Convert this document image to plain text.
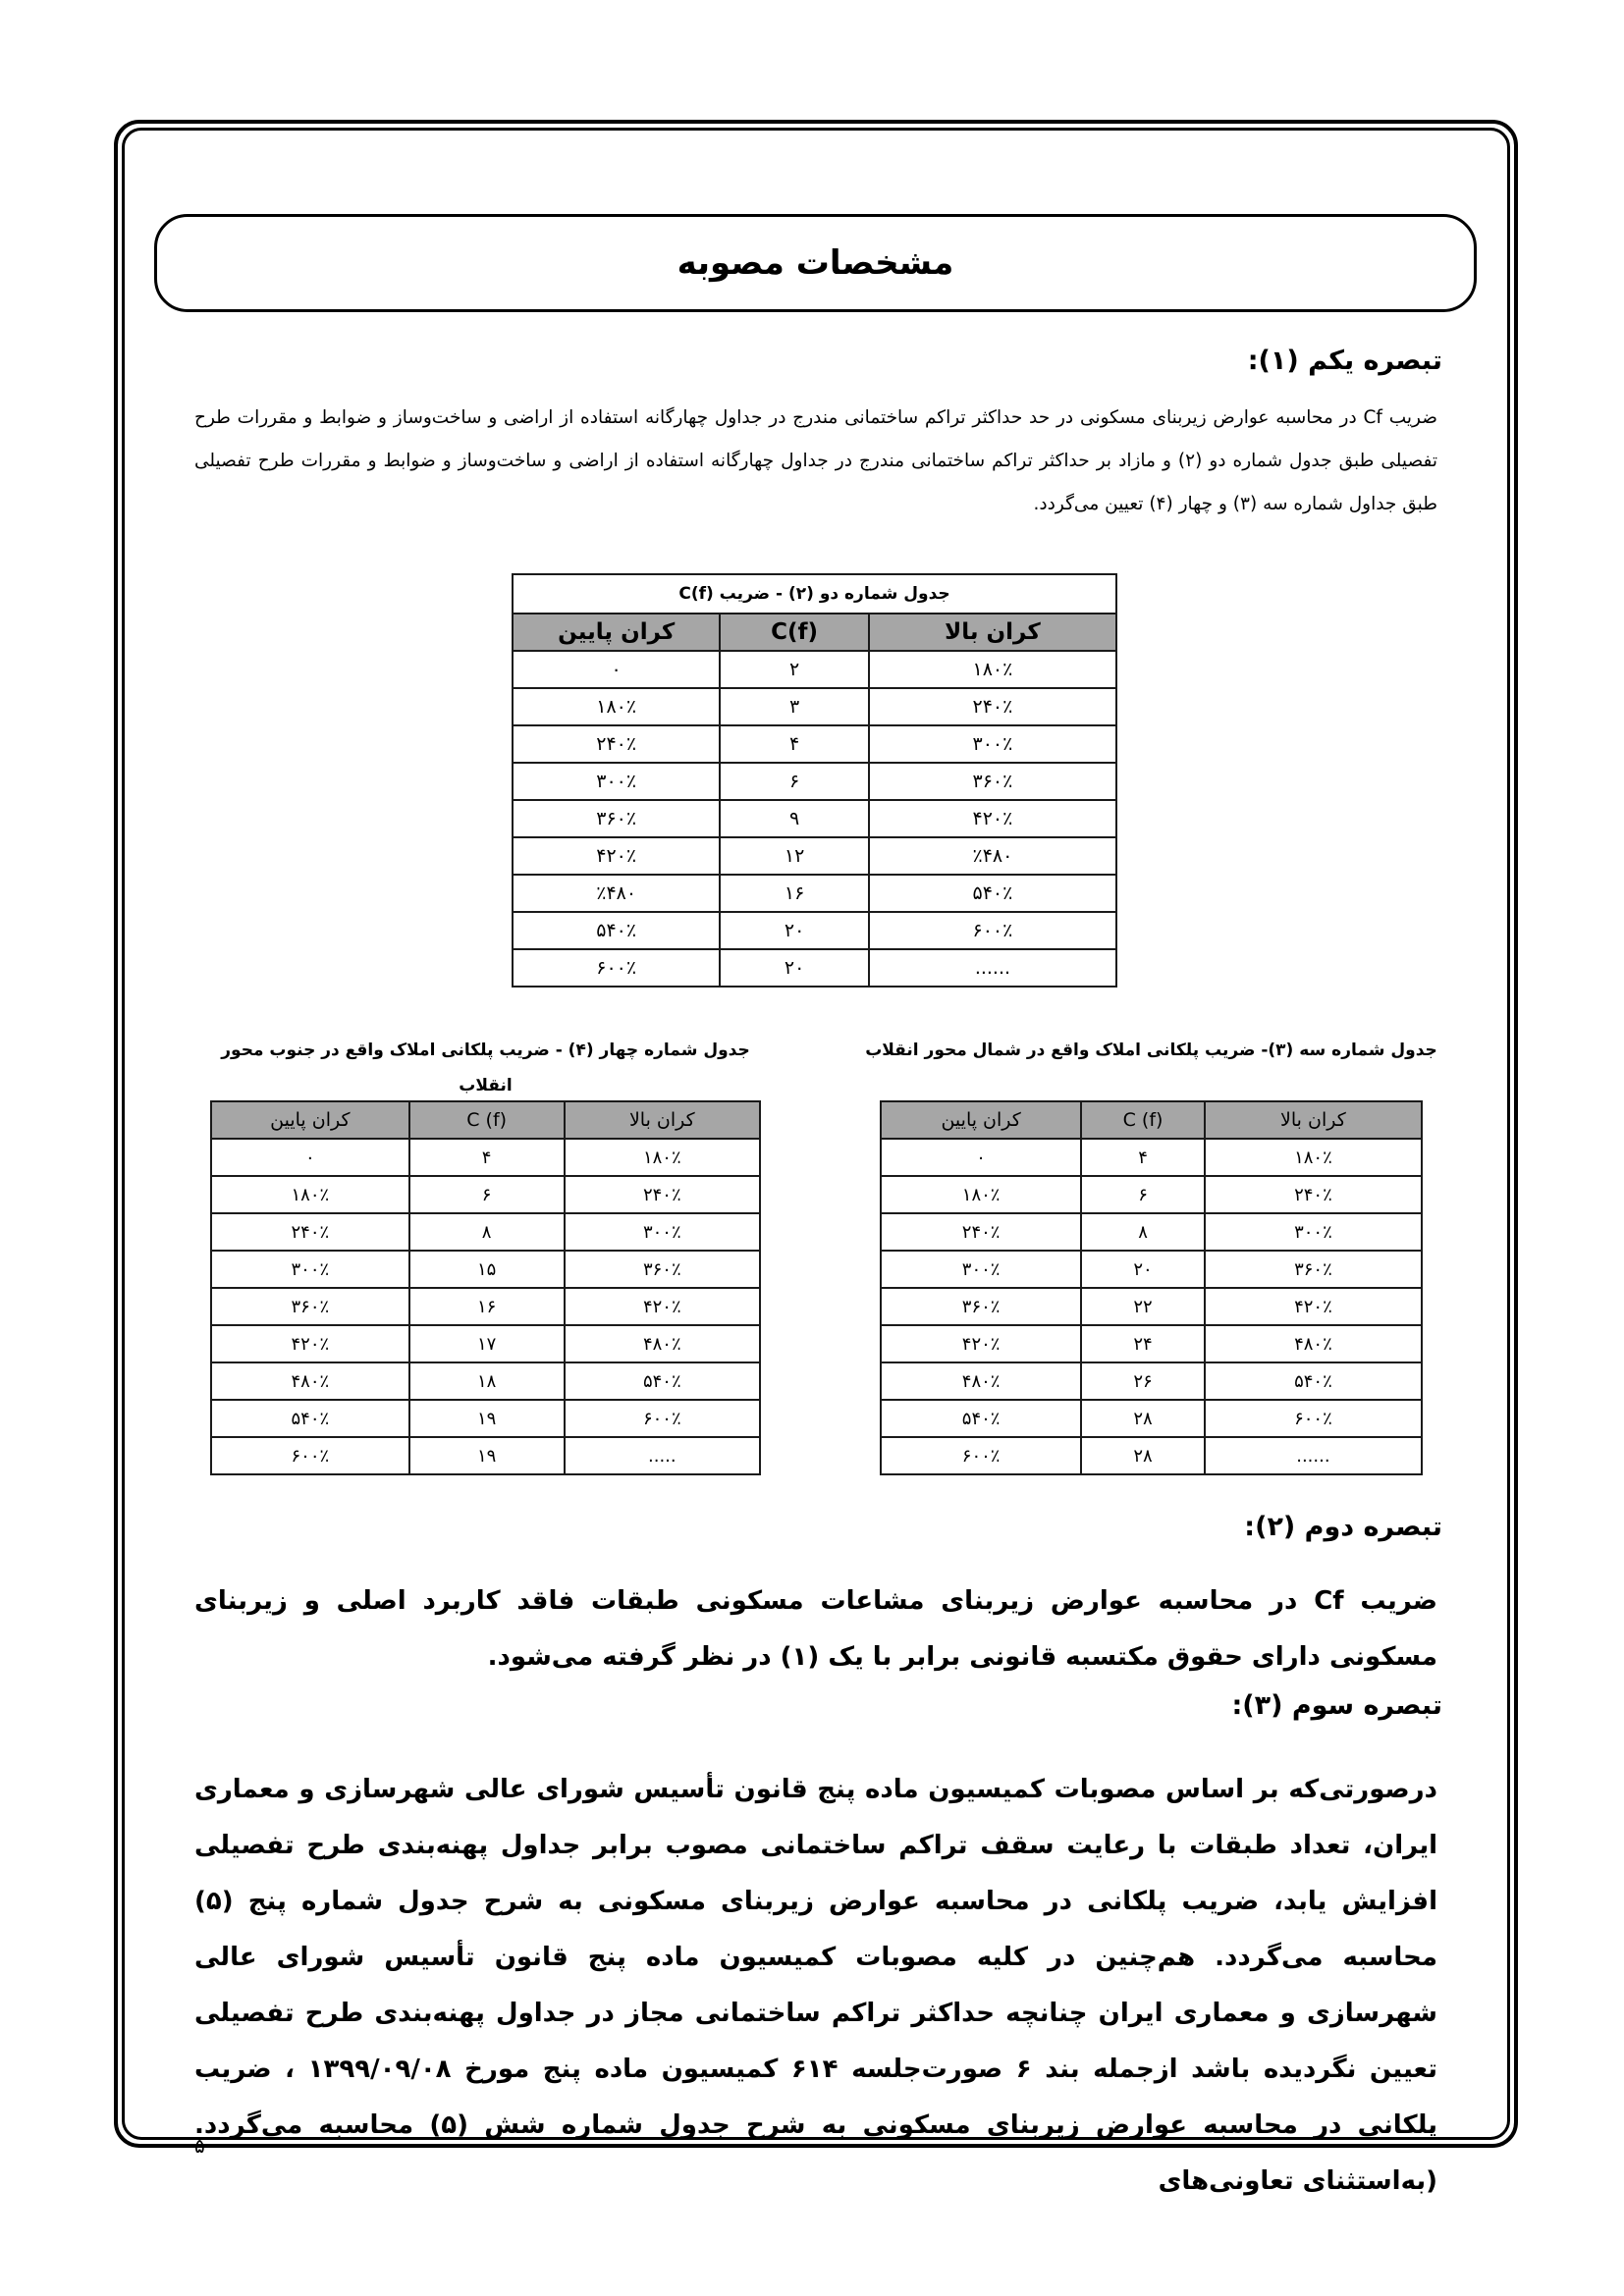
مشخصات مصوبه
تبصره یکم (۱):
ضریب Cf در محاسبه عوارض زیربنای مسکونی در حد حداکثر تراکم ساختمانی مندرج در جداول چهارگانه استفاده از اراضی و ساخت‌وساز و ضوابط و مقررات طرح تفصیلی طبق جدول شماره دو (۲) و مازاد بر حداکثر تراکم ساختمانی مندرج در جداول چهارگانه استفاده از اراضی و ساخت‌وساز و ضوابط و مقررات طرح تفصیلی طبق جداول شماره سه (۳) و چهار (۴) تعیین می‌گردد.
جدول شماره دو (۲) - ضریب C(f)		
کران بالا	C(f)	کران پایین
۱۸۰٪	۲	۰
۲۴۰٪	۳	۱۸۰٪
۳۰۰٪	۴	۲۴۰٪
۳۶۰٪	۶	۳۰۰٪
۴۲۰٪	۹	۳۶۰٪
٪۴۸۰	۱۲	۴۲۰٪
۵۴۰٪	۱۶	٪۴۸۰
۶۰۰٪	۲۰	۵۴۰٪
......	۲۰	۶۰۰٪
جدول شماره سه (۳)- ضریب پلکانی املاک واقع در شمال محور انقلاب
کران بالا	C (f)	کران پایین
۱۸۰٪	۴	۰
۲۴۰٪	۶	۱۸۰٪
۳۰۰٪	۸	۲۴۰٪
۳۶۰٪	۲۰	۳۰۰٪
۴۲۰٪	۲۲	۳۶۰٪
۴۸۰٪	۲۴	۴۲۰٪
۵۴۰٪	۲۶	۴۸۰٪
۶۰۰٪	۲۸	۵۴۰٪
......	۲۸	۶۰۰٪
جدول شماره چهار (۴) - ضریب پلکانی املاک واقع در جنوب محور انقلاب
کران بالا	C (f)	کران پایین
۱۸۰٪	۴	۰
۲۴۰٪	۶	۱۸۰٪
۳۰۰٪	۸	۲۴۰٪
۳۶۰٪	۱۵	۳۰۰٪
۴۲۰٪	۱۶	۳۶۰٪
۴۸۰٪	۱۷	۴۲۰٪
۵۴۰٪	۱۸	۴۸۰٪
۶۰۰٪	۱۹	۵۴۰٪
.....	۱۹	۶۰۰٪
تبصره دوم (۲):
ضریب Cf در محاسبه عوارض زیربنای مشاعات مسکونی طبقات فاقد کاربرد اصلی و زیربنای مسکونی دارای حقوق مکتسبه قانونی برابر با یک (۱) در نظر گرفته می‌شود.
تبصره سوم (۳):
درصورتی‌که بر اساس مصوبات کمیسیون ماده پنج قانون تأسیس شورای عالی شهرسازی و معماری ایران، تعداد طبقات با رعایت سقف تراکم ساختمانی مصوب برابر جداول پهنه‌بندی طرح تفصیلی افزایش یابد، ضریب پلکانی در محاسبه عوارض زیربنای مسکونی به شرح جدول شماره پنج (۵) محاسبه می‌گردد. هم‌چنین در کلیه مصوبات کمیسیون ماده پنج قانون تأسیس شورای عالی شهرسازی و معماری ایران چنانچه حداکثر تراکم ساختمانی مجاز در جداول پهنه‌بندی طرح تفصیلی تعیین نگردیده باشد ازجمله بند ۶ صورت‌جلسه ۶۱۴ کمیسیون ماده پنج مورخ ۱۳۹۹/۰۹/۰۸ ، ضریب پلکانی در محاسبه عوارض زیربنای مسکونی به شرح جدول شماره شش (۵) محاسبه می‌گردد. (به‌استثنای تعاونی‌های
۵
